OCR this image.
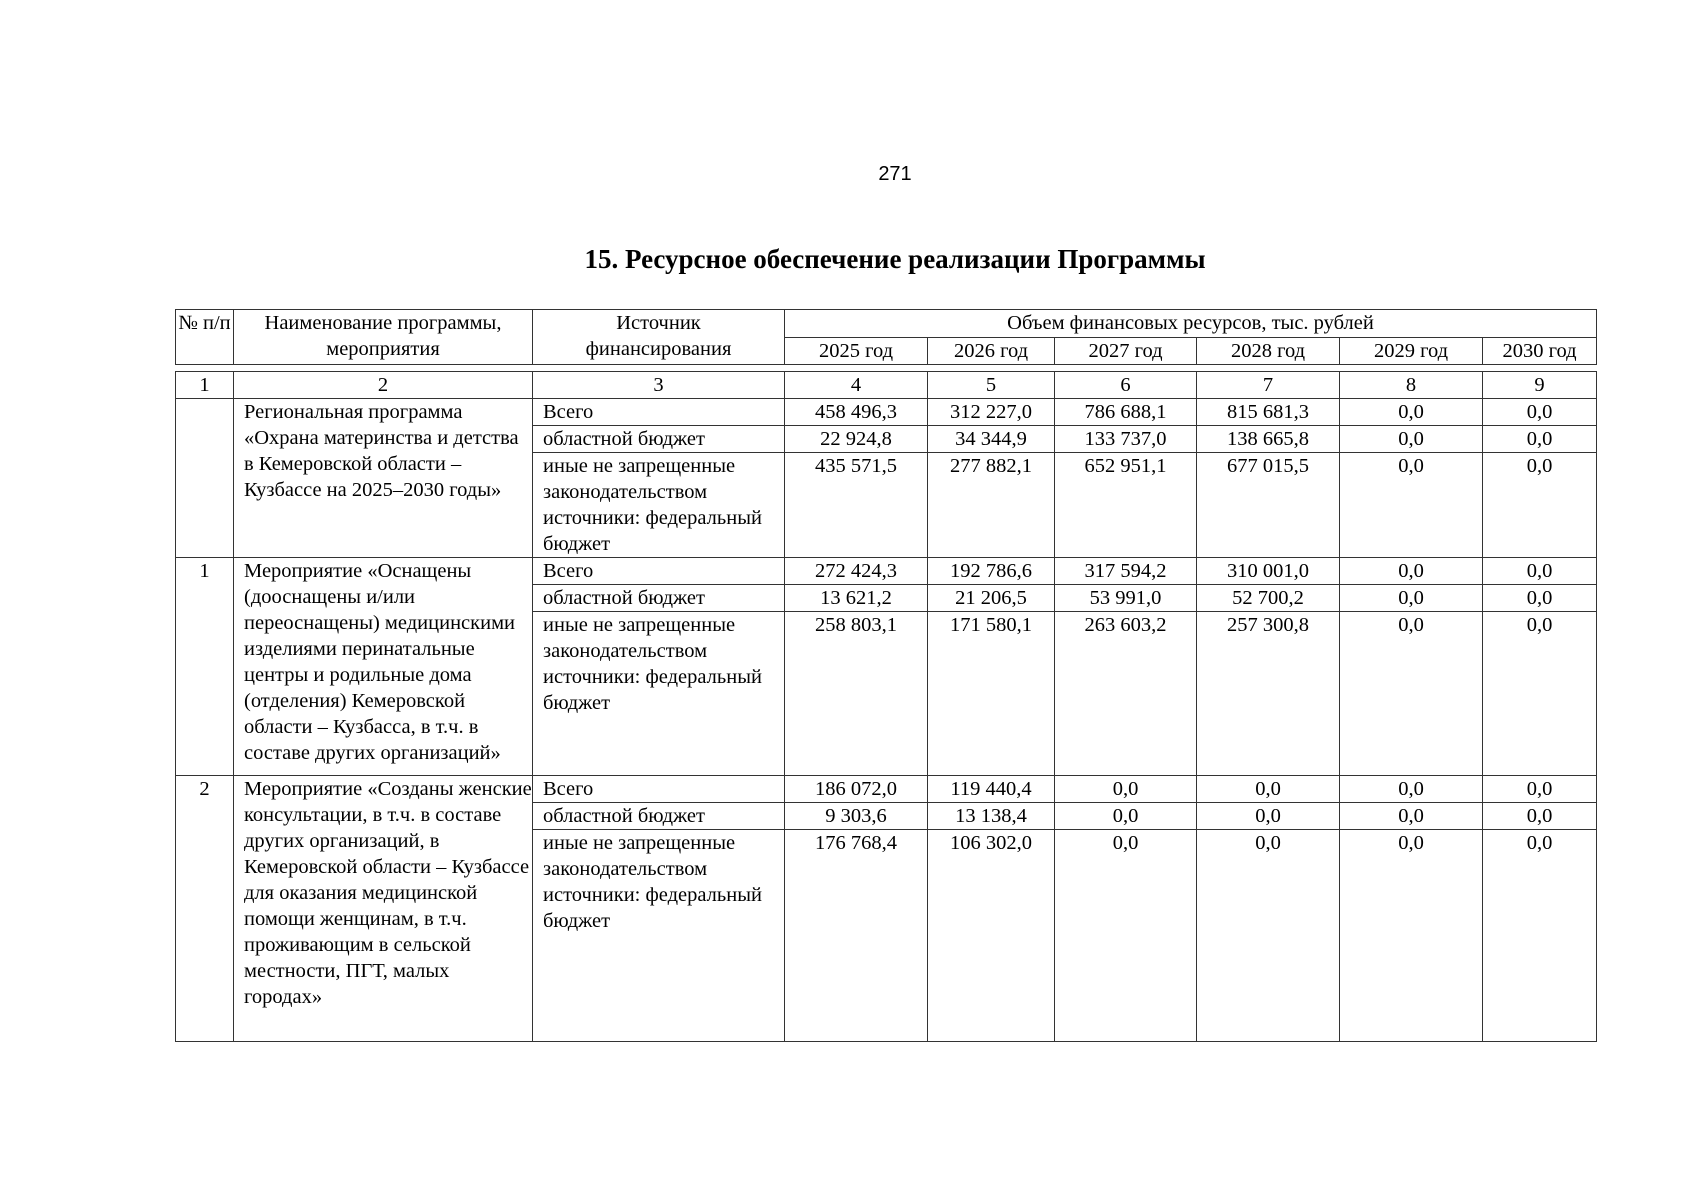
271
15. Ресурсное обеспечение реализации Программы
№ п/п	Наименование программы, мероприятия	Источник финансирования	Объем финансовых ресурсов, тыс. рублей					
			2025 год	2026 год	2027 год	2028 год	2029 год	2030 год
1	2	3	4	5	6	7	8	9
	Региональная программа «Охрана материнства и детства в Кемеровской области – Кузбассе на 2025–2030 годы»	Всего	458 496,3	312 227,0	786 688,1	815 681,3	0,0	0,0
		областной бюджет	22 924,8	34 344,9	133 737,0	138 665,8	0,0	0,0
		иные не запрещенные законодательством источники: федеральный бюджет	435 571,5	277 882,1	652 951,1	677 015,5	0,0	0,0
1	Мероприятие «Оснащены (дооснащены и/или переоснащены) медицинскими изделиями перинатальные центры и родильные дома (отделения) Кемеровской области – Кузбасса, в т.ч. в составе других организаций»	Всего	272 424,3	192 786,6	317 594,2	310 001,0	0,0	0,0
		областной бюджет	13 621,2	21 206,5	53 991,0	52 700,2	0,0	0,0
		иные не запрещенные законодательством источники: федеральный бюджет	258 803,1	171 580,1	263 603,2	257 300,8	0,0	0,0
2	Мероприятие «Созданы женские консультации, в т.ч. в составе других организаций, в Кемеровской области – Кузбассе для оказания медицинской помощи женщинам, в т.ч. проживающим в сельской местности, ПГТ, малых городах»	Всего	186 072,0	119 440,4	0,0	0,0	0,0	0,0
		областной бюджет	9 303,6	13 138,4	0,0	0,0	0,0	0,0
		иные не запрещенные законодательством источники: федеральный бюджет	176 768,4	106 302,0	0,0	0,0	0,0	0,0
